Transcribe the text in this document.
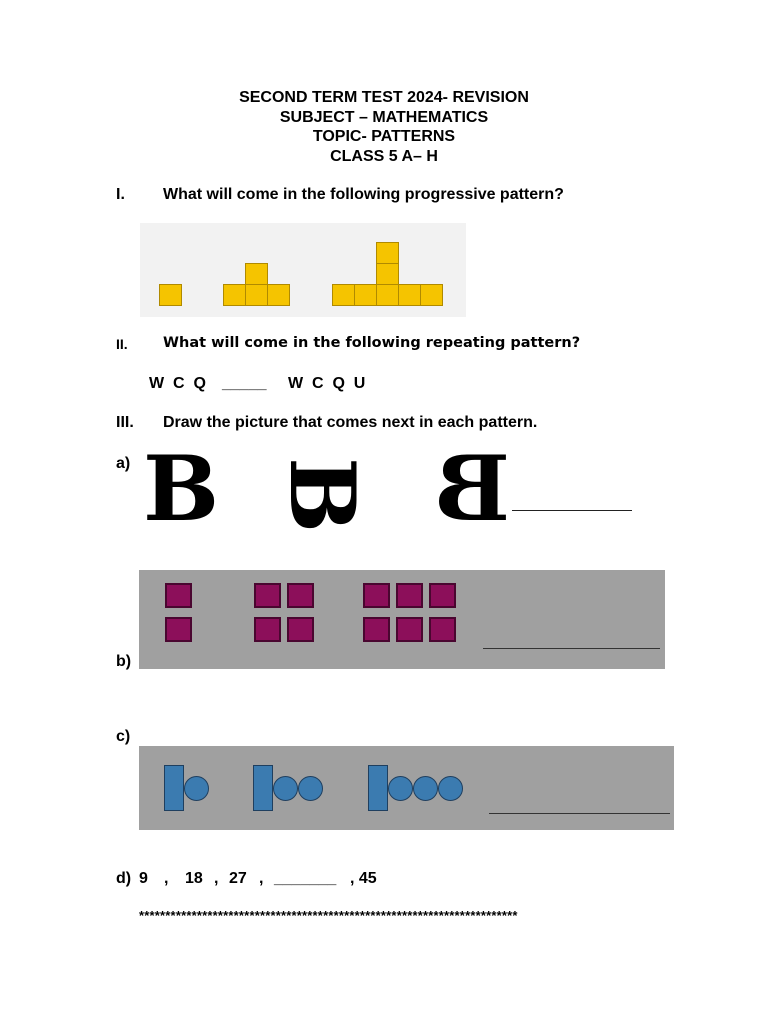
SECOND TERM TEST 2024- REVISION
SUBJECT – MATHEMATICS
TOPIC- PATTERNS
CLASS 5 A– H
I. What will come in the following progressive pattern?
II. What will come in the following repeating pattern?
W  C  Q _____ W  C  Q  U
III. Draw the picture that comes next in each pattern.
a) B B B
b)
c)
d) 9 , 18 , 27 , _______ , 45
************************************************************************
